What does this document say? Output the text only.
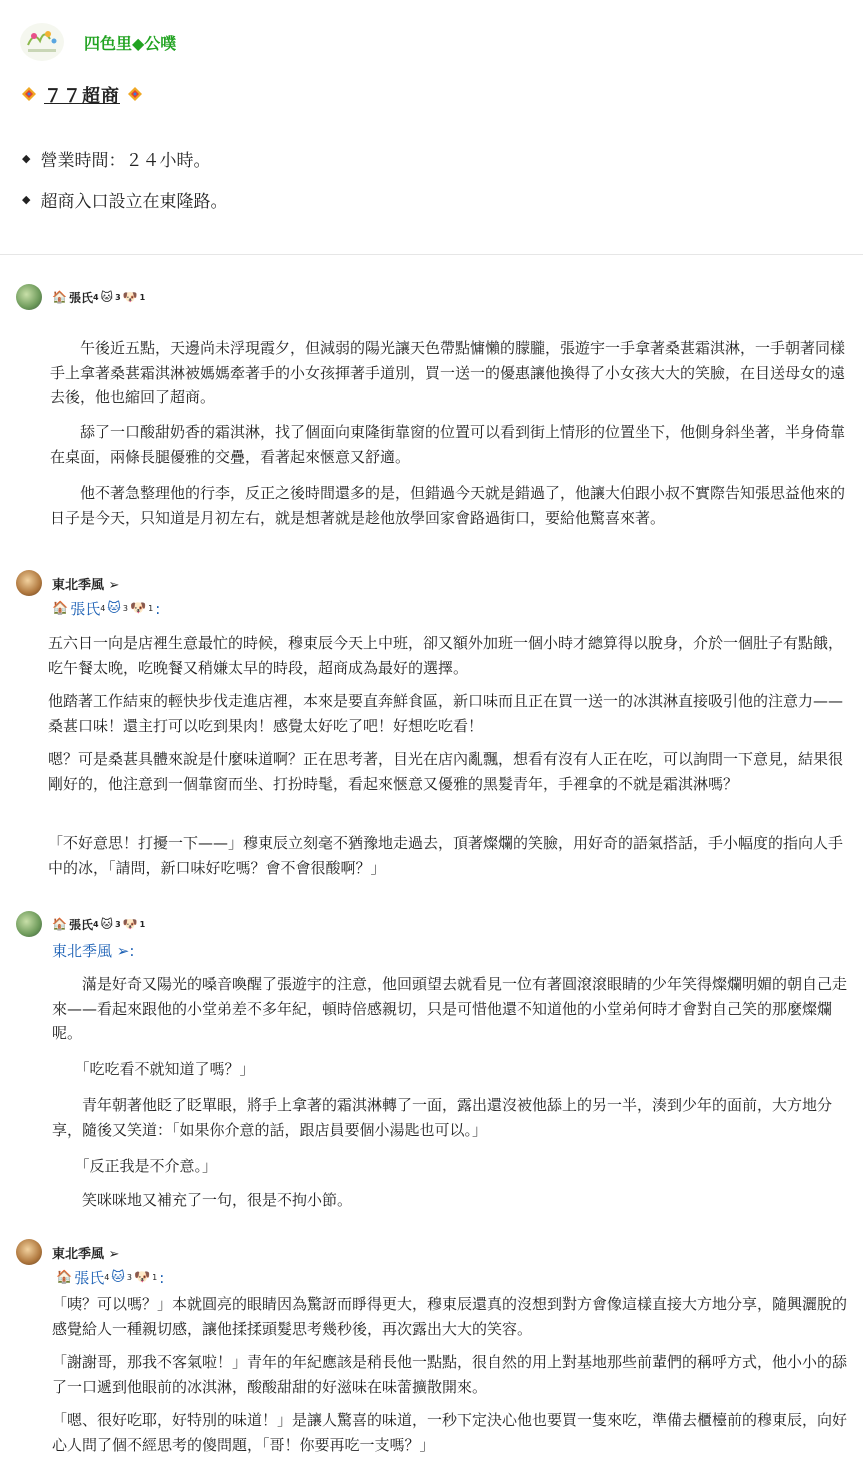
四色里◆公噗
７７超商
◆ 營業時間：２４小時。
◆ 超商入口設立在東隆路。
🏠 張氏 4 🐱 3 🐶 1
　　午後近五點，天邊尚未浮現霞夕，但減弱的陽光讓天色帶點慵懶的朦朧，張遊宇一手拿著桑葚霜淇淋，一手朝著同樣手上拿著桑葚霜淇淋被媽媽牽著手的小女孩揮著手道別，買一送一的優惠讓他換得了小女孩大大的笑臉，在目送母女的遠去後，他也縮回了超商。
　　舔了一口酸甜奶香的霜淇淋，找了個面向東隆街靠窗的位置可以看到街上情形的位置坐下，他側身斜坐著，半身倚靠在桌面，兩條長腿優雅的交疊，看著起來愜意又舒適。
　　他不著急整理他的行李，反正之後時間還多的是，但錯過今天就是錯過了，他讓大伯跟小叔不實際告知張思益他來的日子是今天，只知道是月初左右，就是想著就是趁他放學回家會路過街口，要給他驚喜來著。
東北季風 ➢
🏠 張氏 4 🐱 3 🐶 1 :
五六日一向是店裡生意最忙的時候，穆東辰今天上中班，卻又額外加班一個小時才總算得以脫身，介於一個肚子有點餓，吃午餐太晚，吃晚餐又稍嫌太早的時段，超商成為最好的選擇。
他踏著工作結束的輕快步伐走進店裡，本來是要直奔鮮食區，新口味而且正在買一送一的冰淇淋直接吸引他的注意力——桑葚口味！還主打可以吃到果肉！感覺太好吃了吧！好想吃吃看！
嗯？可是桑葚具體來說是什麼味道啊？正在思考著，目光在店內亂飄，想看有沒有人正在吃，可以詢問一下意見，結果很剛好的，他注意到一個靠窗而坐、打扮時髦，看起來愜意又優雅的黑髮青年，手裡拿的不就是霜淇淋嗎？
「不好意思！打擾一下——」穆東辰立刻毫不猶豫地走過去，頂著燦爛的笑臉，用好奇的語氣搭話，手小幅度的指向人手中的冰，「請問，新口味好吃嗎？會不會很酸啊？」
🏠 張氏 4 🐱 3 🐶 1
東北季風 ➢:
　　滿是好奇又陽光的嗓音喚醒了張遊宇的注意，他回頭望去就看見一位有著圓滾滾眼睛的少年笑得燦爛明媚的朝自己走來——看起來跟他的小堂弟差不多年紀，頓時倍感親切，只是可惜他還不知道他的小堂弟何時才會對自己笑的那麼燦爛呢。
　　「吃吃看不就知道了嗎？」
　　青年朝著他眨了眨單眼，將手上拿著的霜淇淋轉了一面，露出還沒被他舔上的另一半，湊到少年的面前，大方地分享，隨後又笑道：「如果你介意的話，跟店員要個小湯匙也可以。」
　　「反正我是不介意。」
　　笑咪咪地又補充了一句，很是不拘小節。
東北季風 ➢
🏠 張氏 4 🐱 3 🐶 1 :
「咦？可以嗎？」本就圓亮的眼睛因為驚訝而睜得更大，穆東辰還真的沒想到對方會像這樣直接大方地分享，隨興灑脫的感覺給人一種親切感，讓他揉揉頭髮思考幾秒後，再次露出大大的笑容。
「謝謝哥，那我不客氣啦！」青年的年紀應該是稍長他一點點，很自然的用上對基地那些前輩們的稱呼方式，他小小的舔了一口遞到他眼前的冰淇淋，酸酸甜甜的好滋味在味蕾擴散開來。
「嗯、很好吃耶，好特別的味道！」是讓人驚喜的味道，一秒下定決心他也要買一隻來吃，準備去櫃檯前的穆東辰，向好心人問了個不經思考的傻問題，「哥！你要再吃一支嗎？」
